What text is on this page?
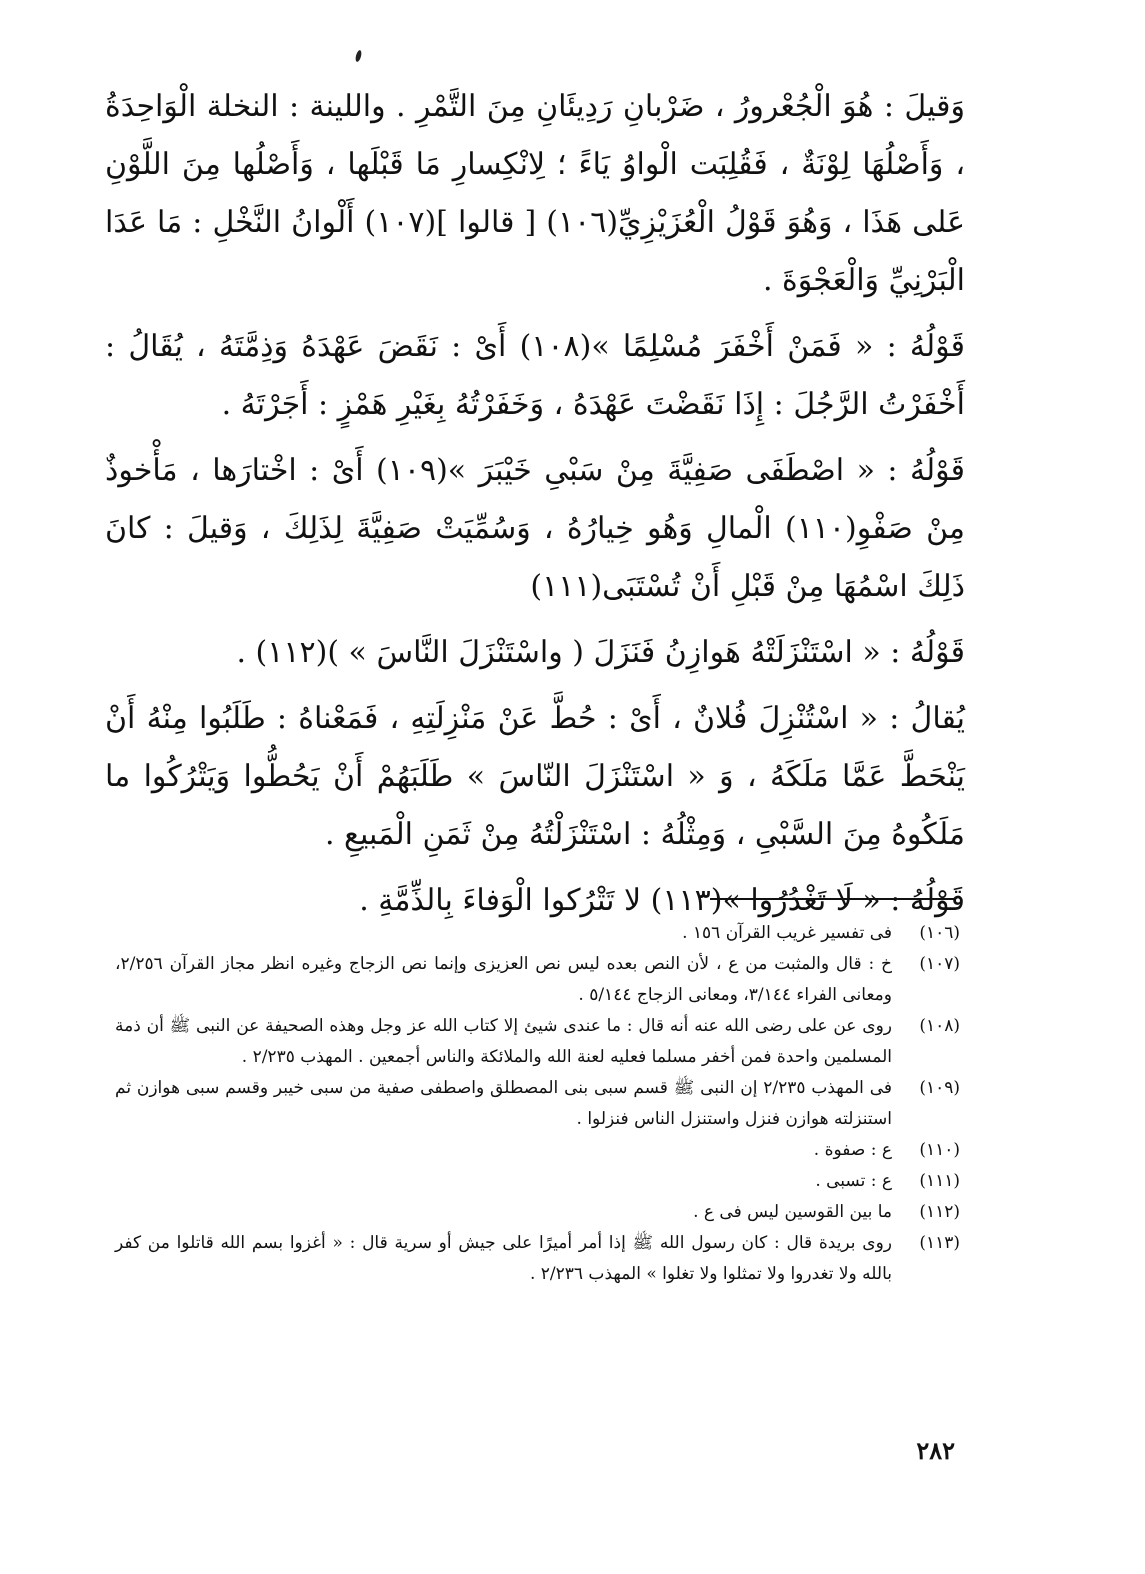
وَقيلَ : هُوَ الْجُعْرورُ ، ضَرْبانِ رَدِيئَانِ مِنَ التَّمْرِ . واللينة : النخلة الْوَاحِدَةُ ، وَأَصْلُهَا لِوْنَةٌ ، فَقُلِبَت الْواوُ يَاءً ؛ لِانْكِسارِ مَا قَبْلَها ، وَأَصْلُها مِنَ اللَّوْنِ عَلى هَذَا ، وَهُوَ قَوْلُ الْعُزَيْزِيِّ(١٠٦) [ قالوا ](١٠٧) أَلْوانُ النَّخْلِ : مَا عَدَا الْبَرْنِيِّ وَالْعَجْوَةَ .

قَوْلُهُ : « فَمَنْ أَخْفَرَ مُسْلِمًا »(١٠٨) أَىْ : نَقَضَ عَهْدَهُ وَذِمَّتَهُ ، يُقَالُ : أَخْفَرْتُ الرَّجُلَ : إِذَا نَقَضْتَ عَهْدَهُ ، وَخَفَرْتُهُ بِغَيْرِ هَمْزٍ : أَجَرْتَهُ .

قَوْلُهُ : « اصْطَفَى صَفِيَّةَ مِنْ سَبْىِ خَيْبَرَ »(١٠٩) أَىْ : اخْتارَها ، مَأْخوذٌ مِنْ صَفْوِ(١١٠) الْمالِ وَهُو خِيارُهُ ، وَسُمِّيَتْ صَفِيَّةَ لِذَلِكَ ، وَقيلَ : كانَ ذَلِكَ اسْمُهَا مِنْ قَبْلِ أَنْ تُسْتَبَى(١١١)

قَوْلُهُ : « اسْتَنْزَلَتْهُ هَوازِنُ فَنَزَلَ ( واسْتَنْزَلَ النَّاسَ » )(١١٢) .

يُقالُ : « اسْتُنْزِلَ فُلانٌ ، أَىْ : حُطَّ عَنْ مَنْزِلَتِهِ ، فَمَعْناهُ : طَلَبُوا مِنْهُ أَنْ يَنْحَطَّ عَمَّا مَلَكَهُ ، وَ « اسْتَنْزَلَ النّاسَ » طَلَبَهُمْ أَنْ يَحُطُّوا وَيَتْرُكُوا ما مَلَكُوهُ مِنَ السَّبْىِ ، وَمِثْلُهُ : اسْتَنْزَلْتُهُ مِنْ ثَمَنِ الْمَبيعِ .

قَوْلُهُ : « لَا تَغْدُرُوا »(١١٣) لا تَتْرُكوا الْوَفاءَ بِالذِّمَّةِ .

(١٠٦)
فى تفسير غريب القرآن ١٥٦ .
(١٠٧)
خ : قال والمثبت من ع ، لأن النص بعده ليس نص العزيزى وإنما نص الزجاج وغيره انظر مجاز القرآن ٢/٢٥٦، ومعانى الفراء ٣/١٤٤، ومعانى الزجاج ٥/١٤٤ .
(١٠٨)
روى عن على رضى الله عنه أنه قال : ما عندى شيئ إلا كتاب الله عز وجل وهذه الصحيفة عن النبى ﷺ أن ذمة المسلمين واحدة فمن أخفر مسلما فعليه لعنة الله والملائكة والناس أجمعين . المهذب ٢/٢٣٥ .
(١٠٩)
فى المهذب ٢/٢٣٥ إن النبى ﷺ قسم سبى بنى المصطلق واصطفى صفية من سبى خيبر وقسم سبى هوازن ثم استنزلته هوازن فنزل واستنزل الناس فنزلوا .
(١١٠)
ع : صفوة .
(١١١)
ع : تسبى .
(١١٢)
ما بين القوسين ليس فى ع .
(١١٣)
روى بريدة قال : كان رسول الله ﷺ إذا أمر أميرًا على جيش أو سرية قال : « أغزوا بسم الله قاتلوا من كفر بالله ولا تغدروا ولا تمثلوا ولا تغلوا » المهذب ٢/٢٣٦ .
٢٨٢
